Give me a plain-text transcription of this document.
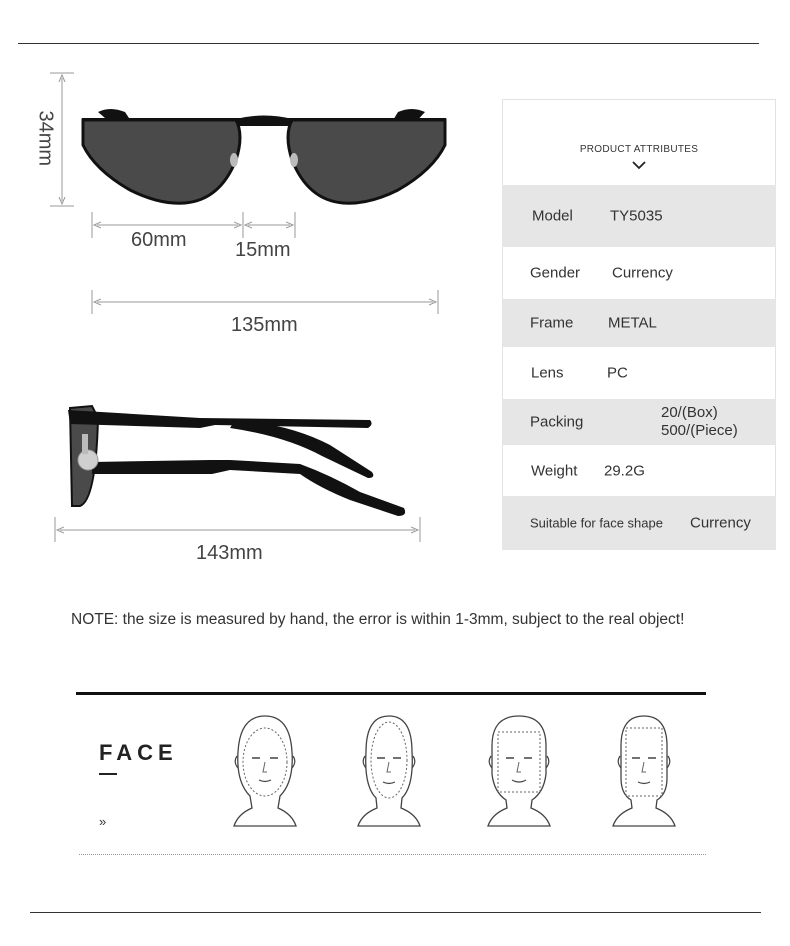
34mm
60mm 15mm
135mm
143mm
PRODUCT ATTRIBUTES
Model TY5035
Gender Currency
Frame METAL
Lens	PC
Packing
20/(Box)
500/(Piece)
Weight 29.2G
Suitable for face shape Currency
NOTE: the size is measured by hand, the error is within 1-3mm, subject to the real object!
FACE
»
